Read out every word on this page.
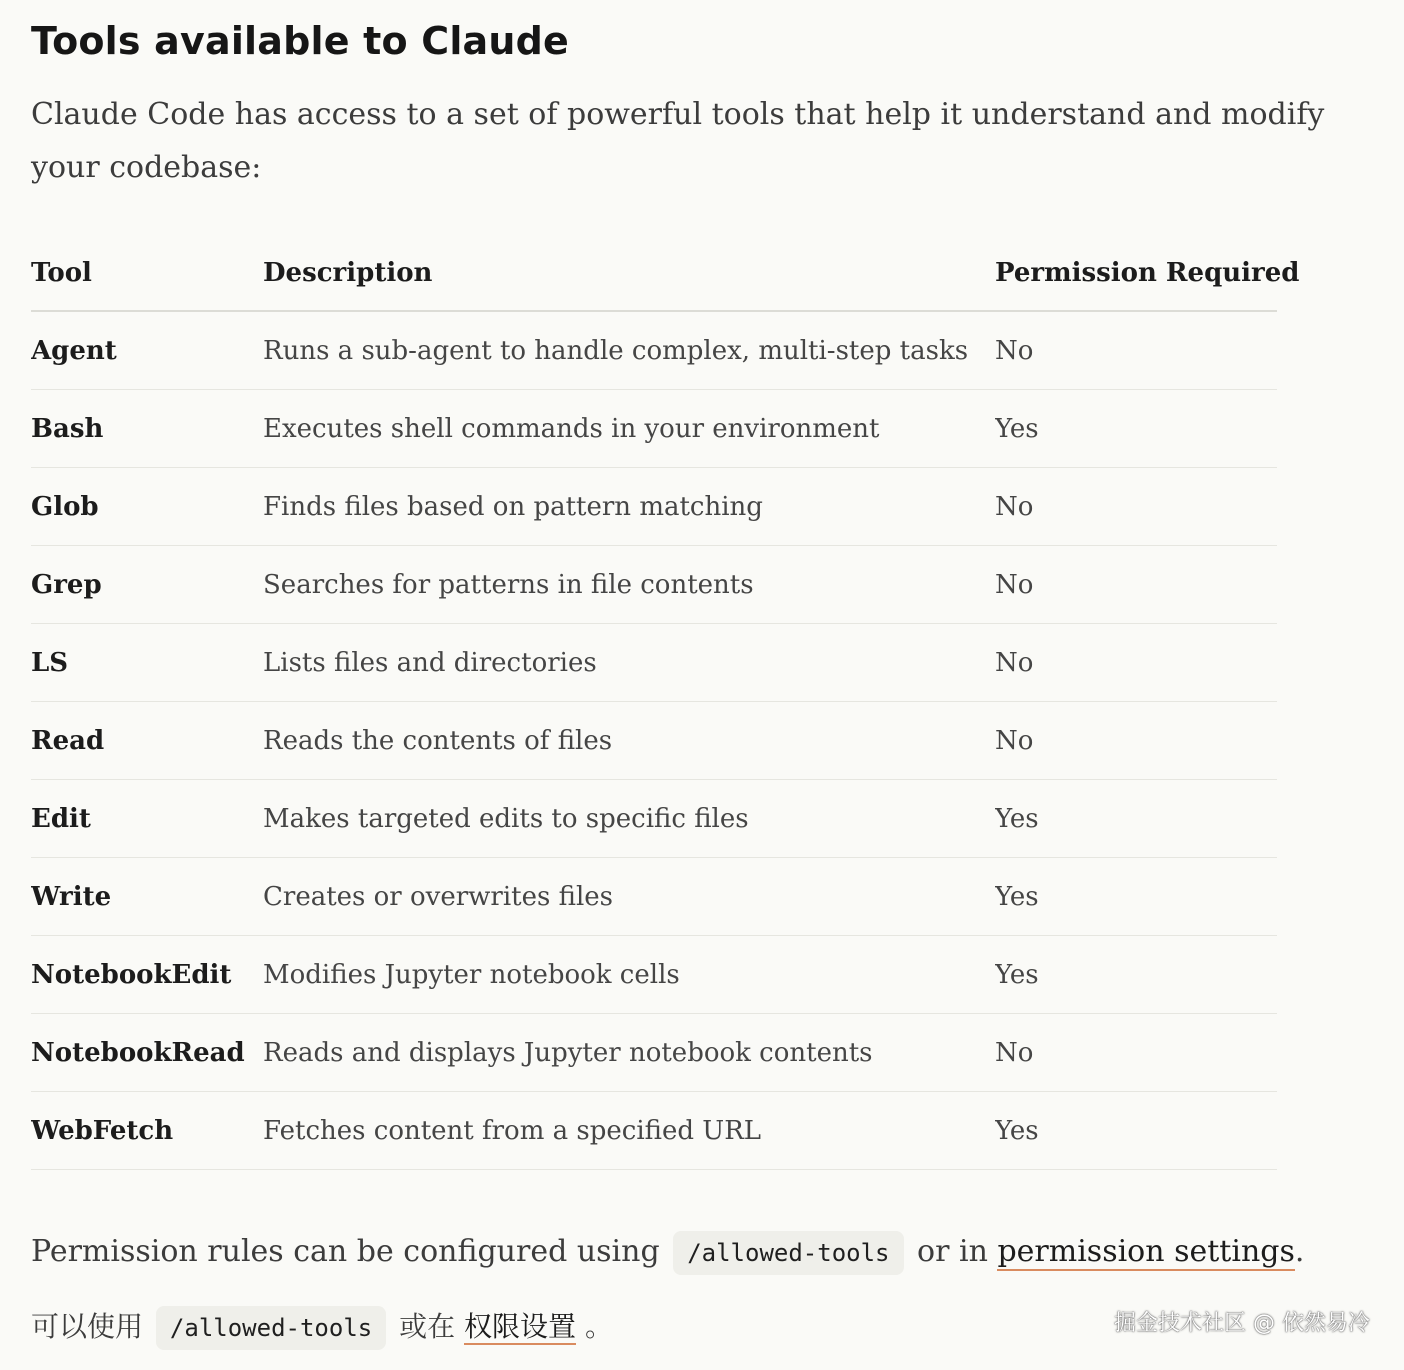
Tools available to Claude

Claude Code has access to a set of powerful tools that help it understand and modify your codebase:

Tool	Description	Permission Required
Agent	Runs a sub-agent to handle complex, multi-step tasks	No
Bash	Executes shell commands in your environment	Yes
Glob	Finds files based on pattern matching	No
Grep	Searches for patterns in file contents	No
LS	Lists files and directories	No
Read	Reads the contents of files	No
Edit	Makes targeted edits to specific files	Yes
Write	Creates or overwrites files	Yes
NotebookEdit	Modifies Jupyter notebook cells	Yes
NotebookRead	Reads and displays Jupyter notebook contents	No
WebFetch	Fetches content from a specified URL	Yes

Permission rules can be configured using /allowed-tools or in permission settings.

可以使用 /allowed-tools 或在 权限设置 。	掘金技术社区 @ 依然易冷
